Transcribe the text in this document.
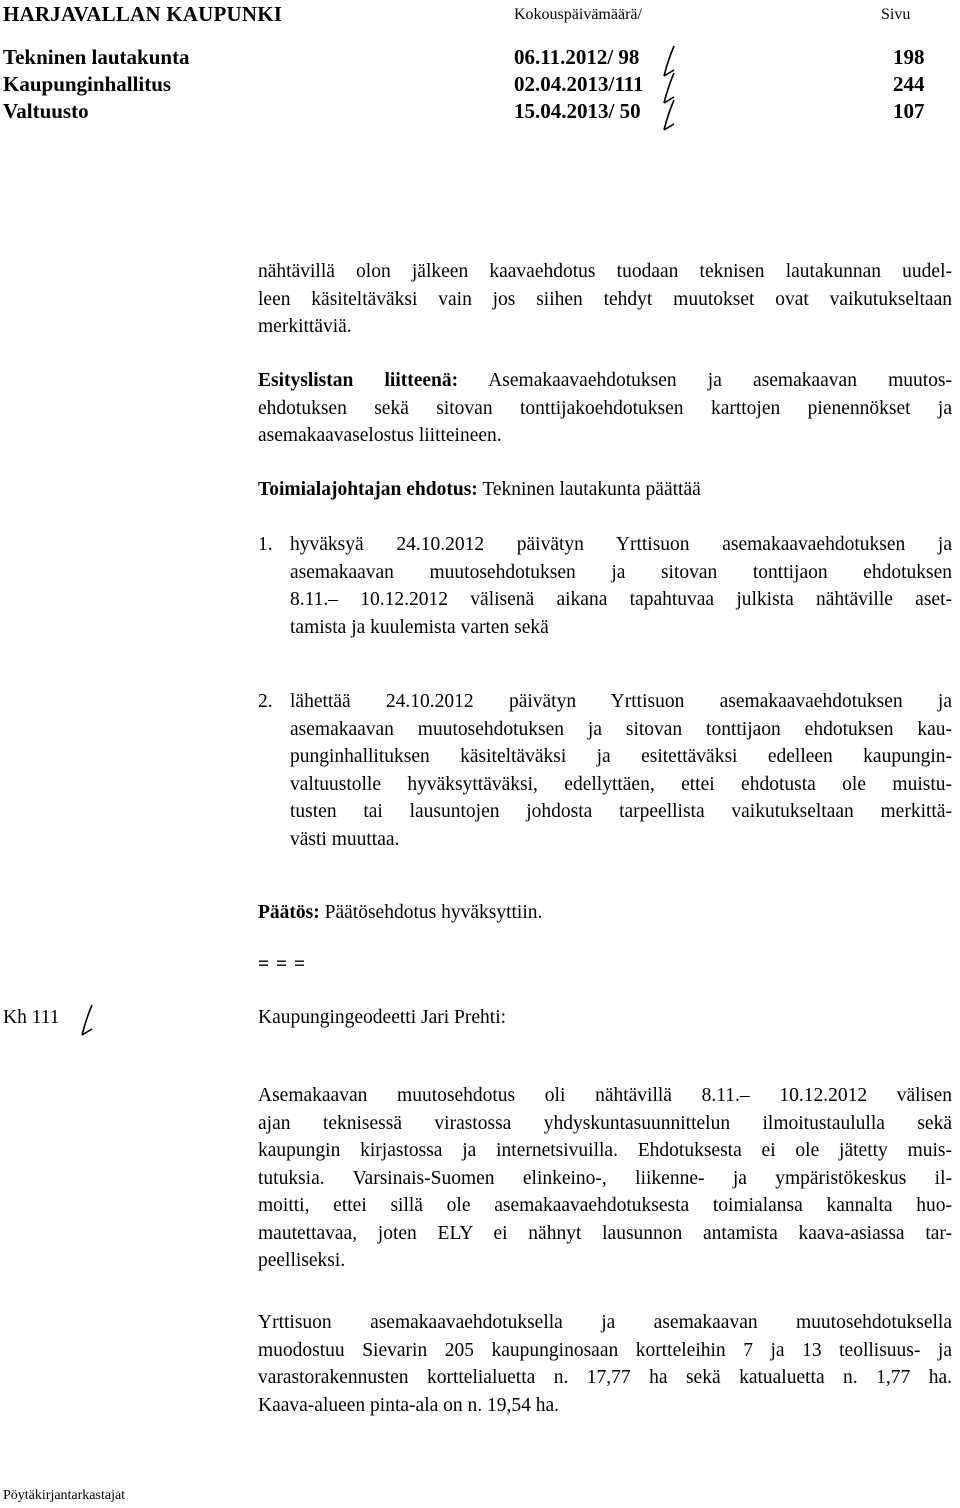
HARJAVALLAN KAUPUNKI	Kokouspäivämäärä/	Sivu
Tekninen lautakunta	06.11.2012/ 98	198
Kaupunginhallitus	02.04.2013/111	244
Valtuusto	15.04.2013/ 50	107
nähtävillä olon jälkeen kaavaehdotus tuodaan teknisen lautakunnan uudel-
leen käsiteltäväksi vain jos siihen tehdyt muutokset ovat vaikutukseltaan
merkittäviä.
Esityslistan liitteenä: Asemakaavaehdotuksen ja asemakaavan muutos-
ehdotuksen sekä sitovan tonttijakoehdotuksen karttojen pienennökset ja
asemakaavaselostus liitteineen.
Toimialajohtajan ehdotus: Tekninen lautakunta päättää
1. hyväksyä 24.10.2012 päivätyn Yrttisuon asemakaavaehdotuksen ja
asemakaavan muutosehdotuksen ja sitovan tonttijaon ehdotuksen
8.11.– 10.12.2012 välisenä aikana tapahtuvaa julkista nähtäville aset-
tamista ja kuulemista varten sekä
2. lähettää 24.10.2012 päivätyn Yrttisuon asemakaavaehdotuksen ja
asemakaavan muutosehdotuksen ja sitovan tonttijaon ehdotuksen kau-
punginhallituksen käsiteltäväksi ja esitettäväksi edelleen kaupungin-
valtuustolle hyväksyttäväksi, edellyttäen, ettei ehdotusta ole muistu-
tusten tai lausuntojen johdosta tarpeellista vaikutukseltaan merkittä-
västi muuttaa.
Päätös: Päätösehdotus hyväksyttiin.
= = =
Kh 111	Kaupungingeodeetti Jari Prehti:
Asemakaavan muutosehdotus oli nähtävillä 8.11.– 10.12.2012 välisen
ajan teknisessä virastossa yhdyskuntasuunnittelun ilmoitustaululla sekä
kaupungin kirjastossa ja internetsivuilla. Ehdotuksesta ei ole jätetty muis-
tutuksia. Varsinais-Suomen elinkeino-, liikenne- ja ympäristökeskus il-
moitti, ettei sillä ole asemakaavaehdotuksesta toimialansa kannalta huo-
mautettavaa, joten ELY ei nähnyt lausunnon antamista kaava-asiassa tar-
peelliseksi.
Yrttisuon asemakaavaehdotuksella ja asemakaavan muutosehdotuksella
muodostuu Sievarin 205 kaupunginosaan kortteleihin 7 ja 13 teollisuus- ja
varastorakennusten korttelialuetta n. 17,77 ha sekä katualuetta n. 1,77 ha.
Kaava-alueen pinta-ala on n. 19,54 ha.
Pöytäkirjantarkastajat
